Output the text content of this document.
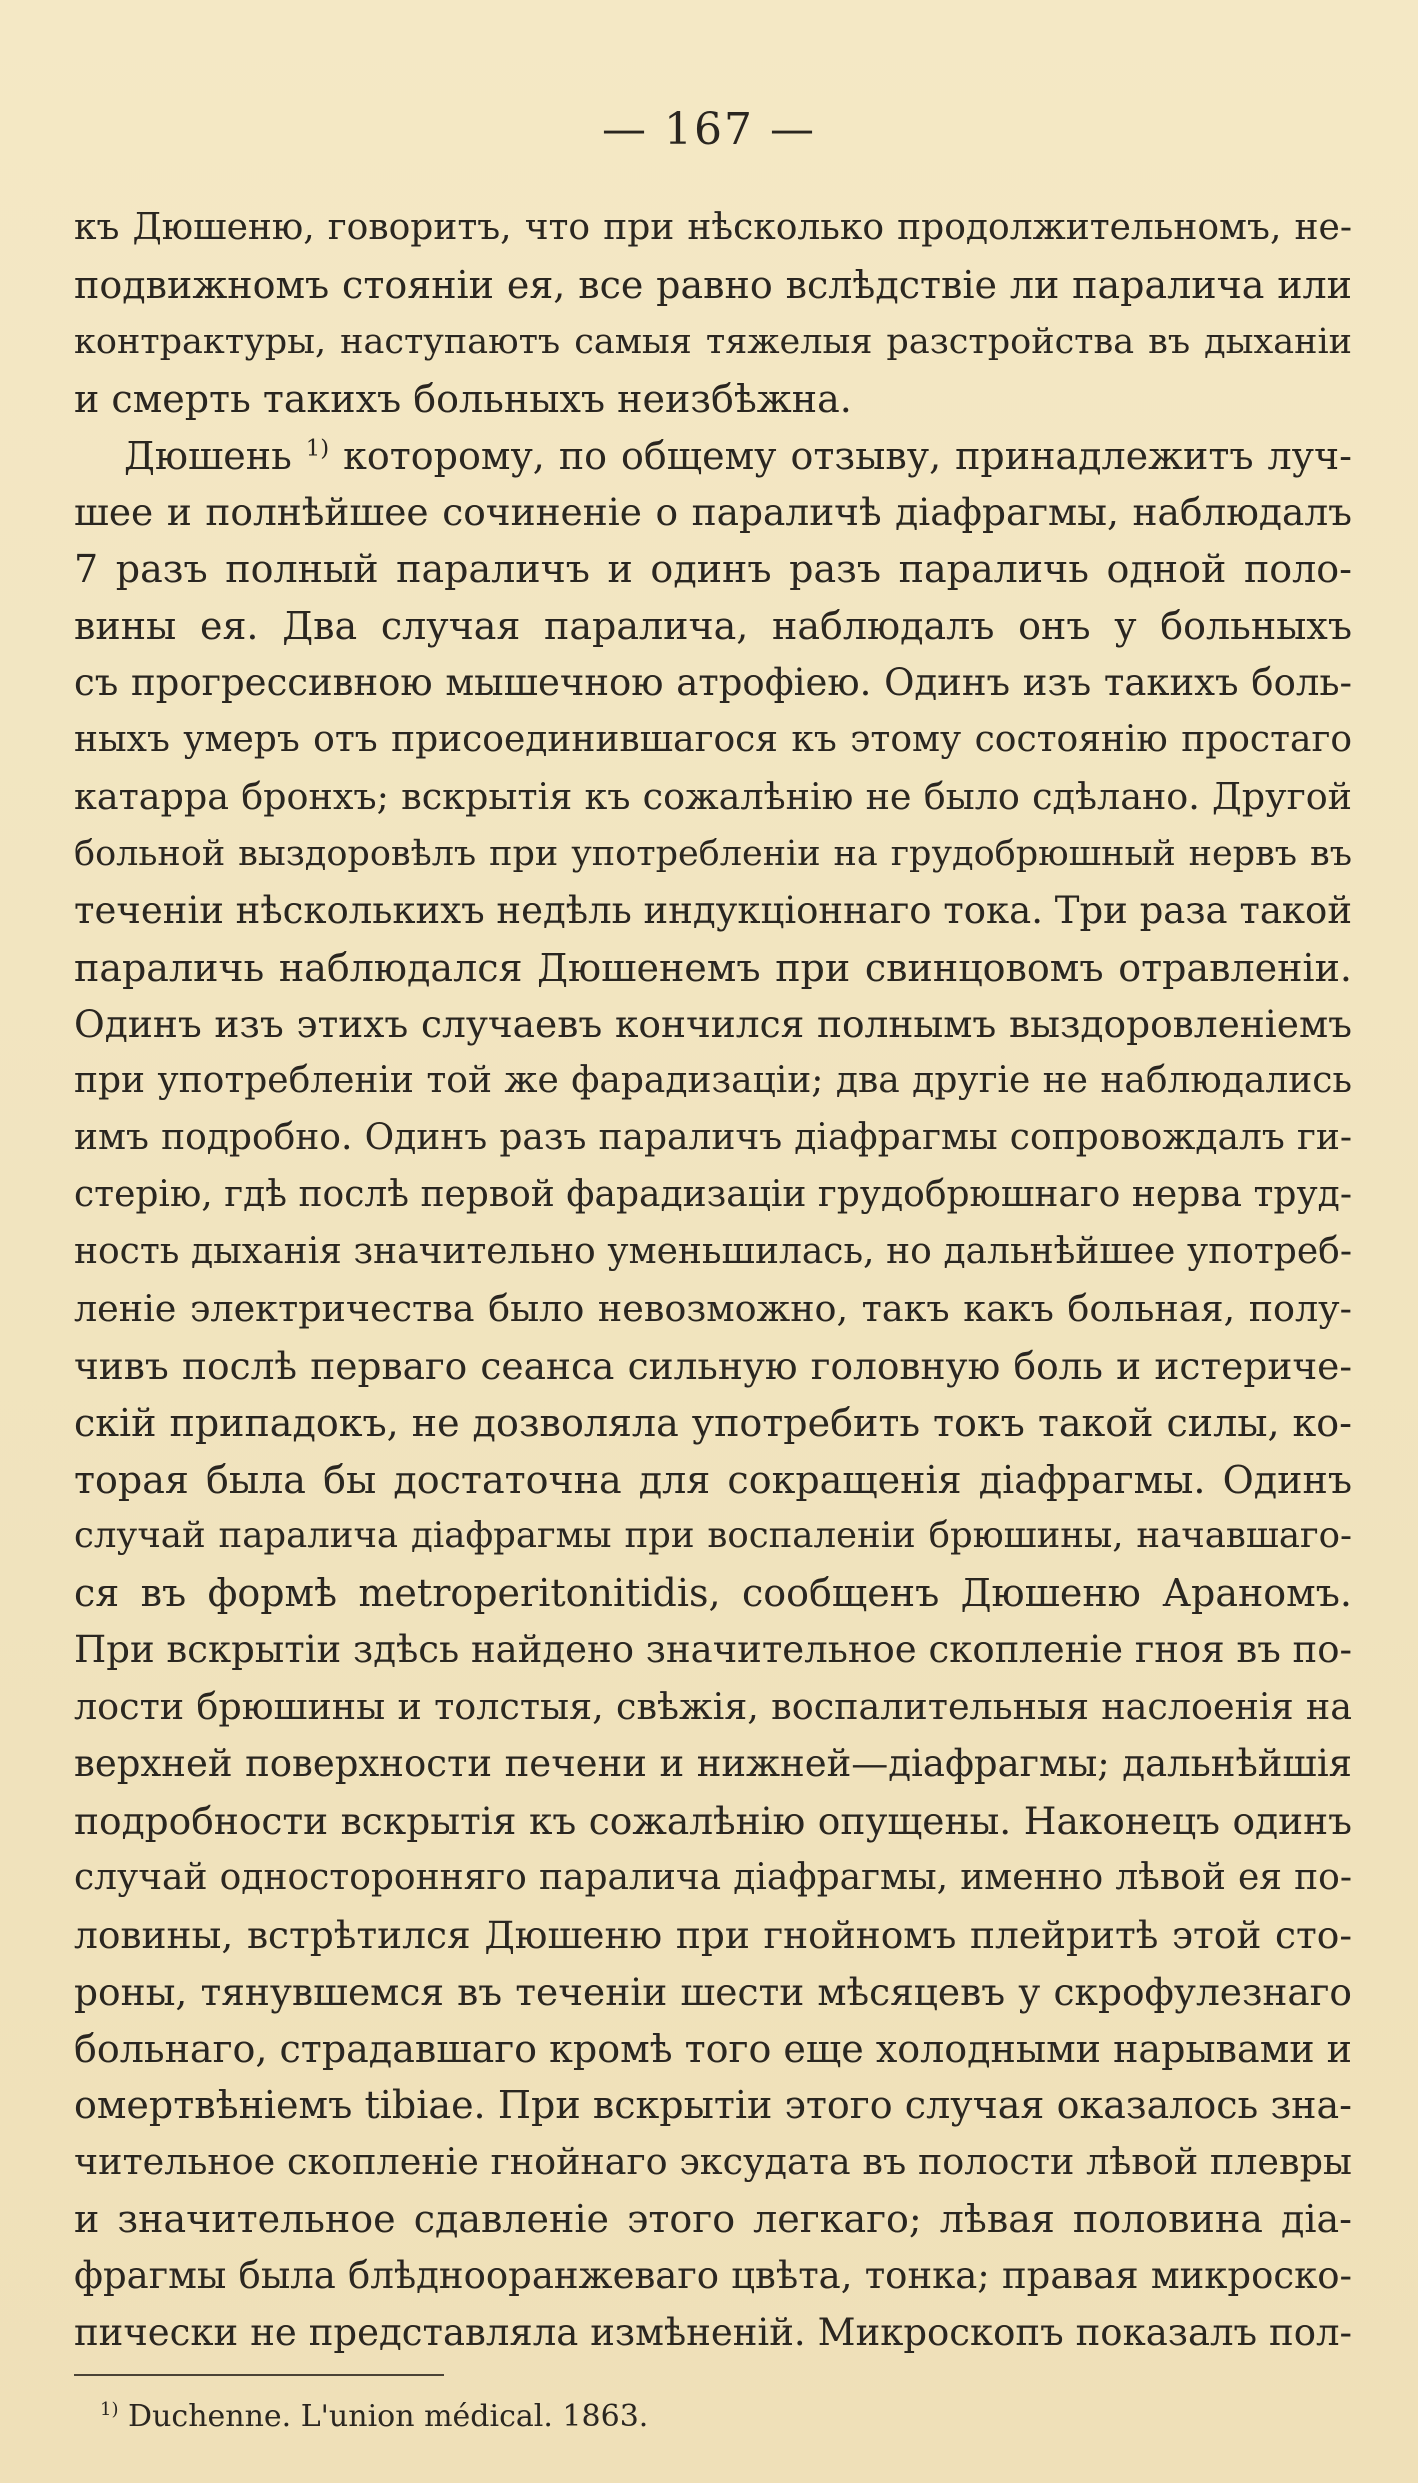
— 167 —
къ Дюшеню, говоритъ, что при нѣсколько продолжительномъ, не-
подвижномъ стояніи ея, все равно вслѣдствіе ли паралича или
контрактуры, наступаютъ самыя тяжелыя разстройства въ дыханіи
и смерть такихъ больныхъ неизбѣжна.
Дюшень $^{1)}$ которому, по общему отзыву, принадлежитъ луч-
шее и полнѣйшее сочиненіе о параличѣ діафрагмы, наблюдалъ
7 разъ полный параличъ и одинъ разъ параличь одной поло-
вины ея. Два случая паралича, наблюдалъ онъ у больныхъ
съ прогрессивною мышечною атрофіею. Одинъ изъ такихъ боль-
ныхъ умеръ отъ присоединившагося къ этому состоянію простаго
катарра бронхъ; вскрытія къ сожалѣнію не было сдѣлано. Другой
больной выздоровѣлъ при употребленіи на грудобрюшный нервъ въ
теченіи нѣсколькихъ недѣль индукціоннаго тока. Три раза такой
параличь наблюдался Дюшенемъ при свинцовомъ отравленіи.
Одинъ изъ этихъ случаевъ кончился полнымъ выздоровленіемъ
при употребленіи той же фарадизаціи; два другіе не наблюдались
имъ подробно. Одинъ разъ параличъ діафрагмы сопровождалъ ги-
стерію, гдѣ послѣ первой фарадизаціи грудобрюшнаго нерва труд-
ность дыханія значительно уменьшилась, но дальнѣйшее употреб-
леніе электричества было невозможно, такъ какъ больная, полу-
чивъ послѣ перваго сеанса сильную головную боль и истериче-
скій припадокъ, не дозволяла употребить токъ такой силы, ко-
торая была бы достаточна для сокращенія діафрагмы. Одинъ
случай паралича діафрагмы при воспаленіи брюшины, начавшаго-
ся въ формѣ metroperitonitidis, сообщенъ Дюшеню Араномъ.
При вскрытіи здѣсь найдено значительное скопленіе гноя въ по-
лости брюшины и толстыя, свѣжія, воспалительныя наслоенія на
верхней поверхности печени и нижней—діафрагмы; дальнѣйшія
подробности вскрытія къ сожалѣнію опущены. Наконецъ одинъ
случай односторонняго паралича діафрагмы, именно лѣвой ея по-
ловины, встрѣтился Дюшеню при гнойномъ плейритѣ этой сто-
роны, тянувшемся въ теченіи шести мѣсяцевъ у скрофулезнаго
больнаго, страдавшаго кромѣ того еще холодными нарывами и
омертвѣніемъ tibiae. При вскрытіи этого случая оказалось зна-
чительное скопленіе гнойнаго эксудата въ полости лѣвой плевры
и значительное сдавленіе этого легкаго; лѣвая половина діа-
фрагмы была блѣднооранжеваго цвѣта, тонка; правая микроско-
пически не представляла измѣненій. Микроскопъ показалъ пол-
$^{1)}$ Duchenne. L'union médical. 1863.
